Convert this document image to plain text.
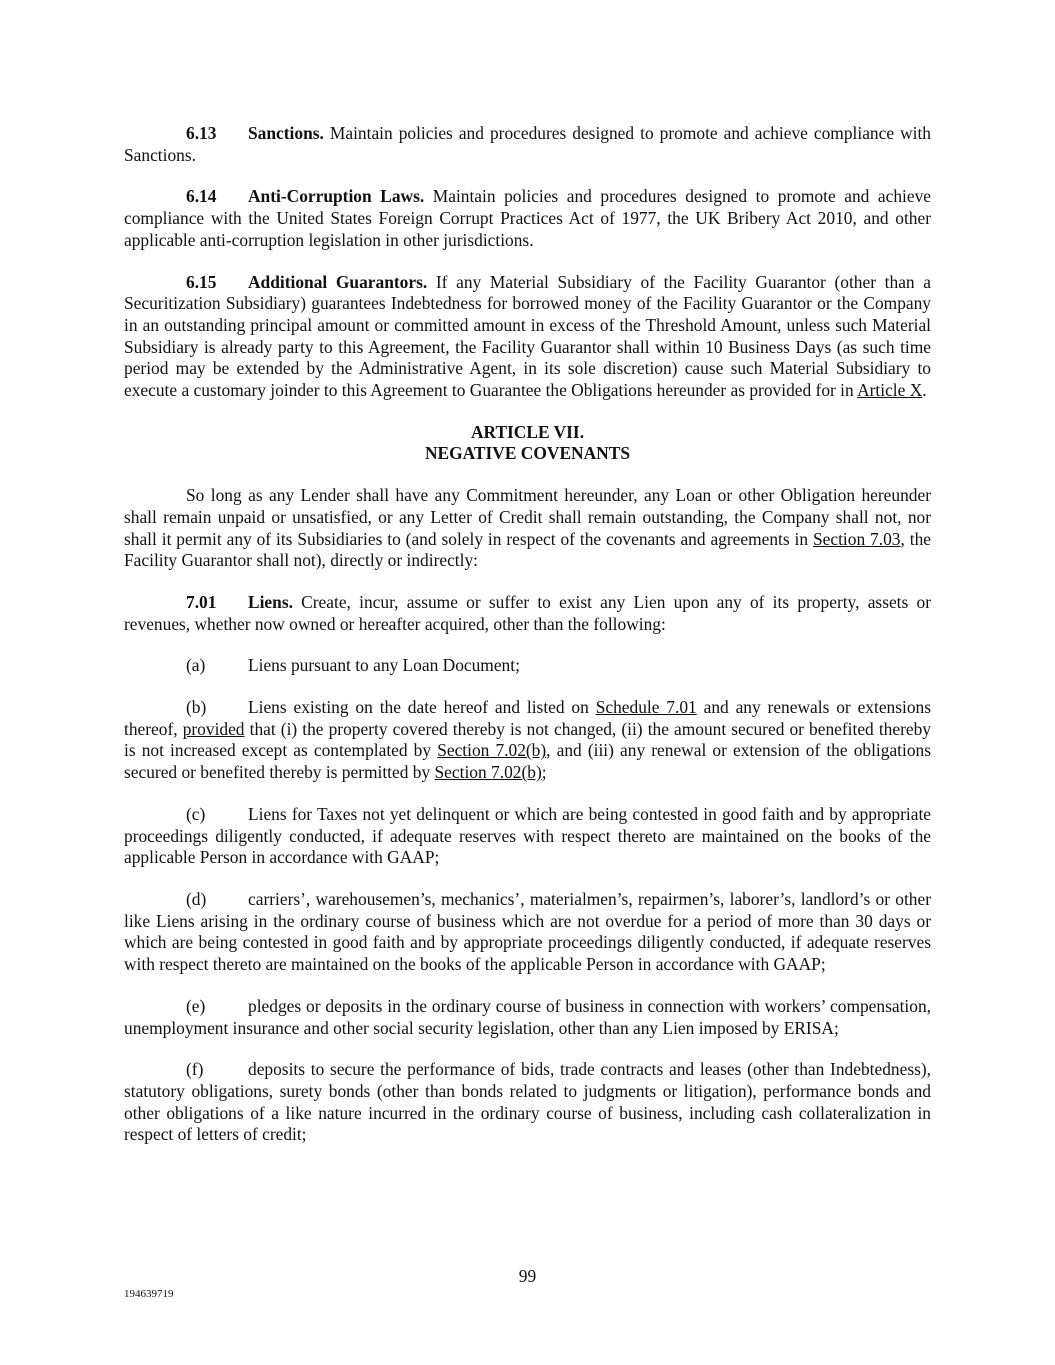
6.13 Sanctions. Maintain policies and procedures designed to promote and achieve compliance with Sanctions.

6.14 Anti-Corruption Laws. Maintain policies and procedures designed to promote and achieve compliance with the United States Foreign Corrupt Practices Act of 1977, the UK Bribery Act 2010, and other applicable anti-corruption legislation in other jurisdictions.

6.15 Additional Guarantors. If any Material Subsidiary of the Facility Guarantor (other than a Securitization Subsidiary) guarantees Indebtedness for borrowed money of the Facility Guarantor or the Company in an outstanding principal amount or committed amount in excess of the Threshold Amount, unless such Material Subsidiary is already party to this Agreement, the Facility Guarantor shall within 10 Business Days (as such time period may be extended by the Administrative Agent, in its sole discretion) cause such Material Subsidiary to execute a customary joinder to this Agreement to Guarantee the Obligations hereunder as provided for in Article X.

ARTICLE VII.
NEGATIVE COVENANTS

So long as any Lender shall have any Commitment hereunder, any Loan or other Obligation hereunder shall remain unpaid or unsatisfied, or any Letter of Credit shall remain outstanding, the Company shall not, nor shall it permit any of its Subsidiaries to (and solely in respect of the covenants and agreements in Section 7.03, the Facility Guarantor shall not), directly or indirectly:

7.01 Liens. Create, incur, assume or suffer to exist any Lien upon any of its property, assets or revenues, whether now owned or hereafter acquired, other than the following:

(a) Liens pursuant to any Loan Document;

(b) Liens existing on the date hereof and listed on Schedule 7.01 and any renewals or extensions thereof, provided that (i) the property covered thereby is not changed, (ii) the amount secured or benefited thereby is not increased except as contemplated by Section 7.02(b), and (iii) any renewal or extension of the obligations secured or benefited thereby is permitted by Section 7.02(b);

(c) Liens for Taxes not yet delinquent or which are being contested in good faith and by appropriate proceedings diligently conducted, if adequate reserves with respect thereto are maintained on the books of the applicable Person in accordance with GAAP;

(d) carriers’, warehousemen’s, mechanics’, materialmen’s, repairmen’s, laborer’s, landlord’s or other like Liens arising in the ordinary course of business which are not overdue for a period of more than 30 days or which are being contested in good faith and by appropriate proceedings diligently conducted, if adequate reserves with respect thereto are maintained on the books of the applicable Person in accordance with GAAP;

(e) pledges or deposits in the ordinary course of business in connection with workers’ compensation, unemployment insurance and other social security legislation, other than any Lien imposed by ERISA;

(f)	deposits to secure the performance of bids, trade contracts and leases (other than Indebtedness), statutory obligations, surety bonds (other than bonds related to judgments or litigation), performance bonds and other obligations of a like nature incurred in the ordinary course of business, including cash collateralization in respect of letters of credit;

99
194639719
